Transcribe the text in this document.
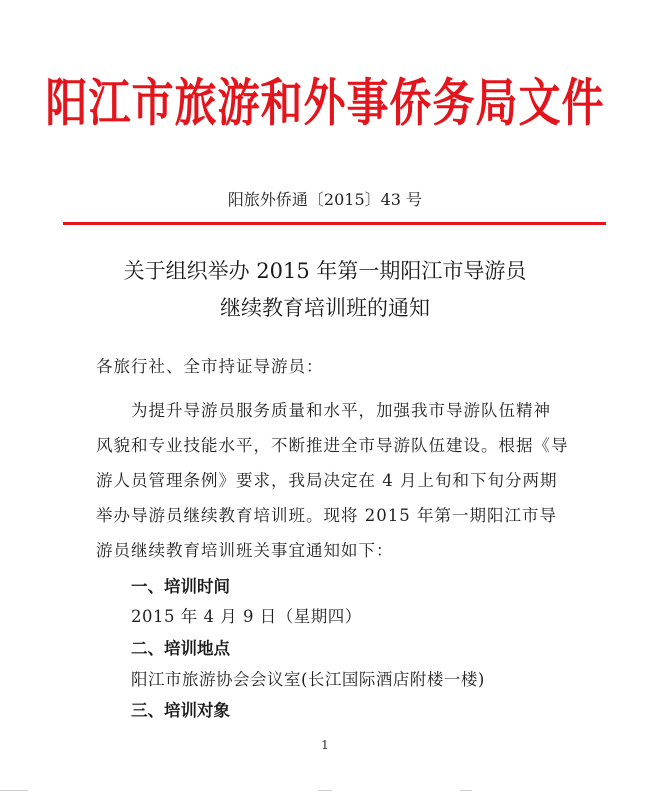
阳江市旅游和外事侨务局文件
阳旅外侨通〔2015〕43 号
关于组织举办 2015 年第一期阳江市导游员
继续教育培训班的通知
各旅行社、全市持证导游员：
为提升导游员服务质量和水平，加强我市导游队伍精神
风貌和专业技能水平，不断推进全市导游队伍建设。根据《导
游人员管理条例》要求，我局决定在 4 月上旬和下旬分两期
举办导游员继续教育培训班。现将 2015 年第一期阳江市导
游员继续教育培训班关事宜通知如下：
一、培训时间
2015 年 4 月 9 日（星期四）
二、培训地点
阳江市旅游协会会议室(长江国际酒店附楼一楼)
三、培训对象
1
